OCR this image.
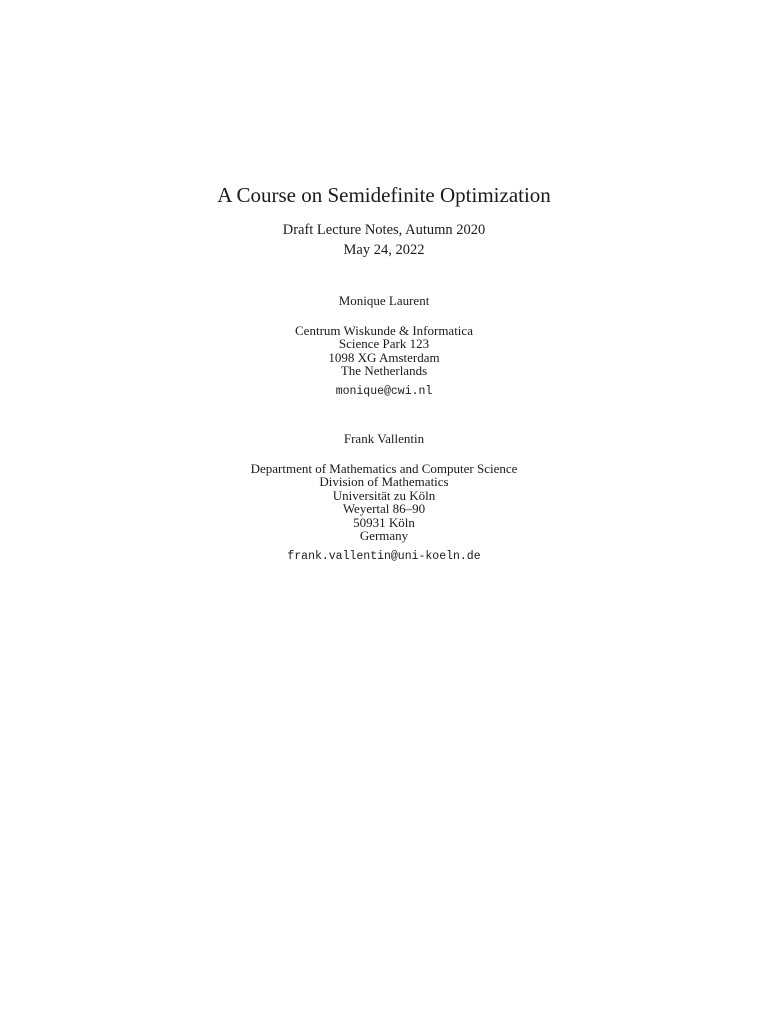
A Course on Semidefinite Optimization
Draft Lecture Notes, Autumn 2020
May 24, 2022
Monique Laurent
Centrum Wiskunde & Informatica
Science Park 123
1098 XG Amsterdam
The Netherlands
monique@cwi.nl
Frank Vallentin
Department of Mathematics and Computer Science
Division of Mathematics
Universität zu Köln
Weyertal 86–90
50931 Köln
Germany
frank.vallentin@uni-koeln.de
